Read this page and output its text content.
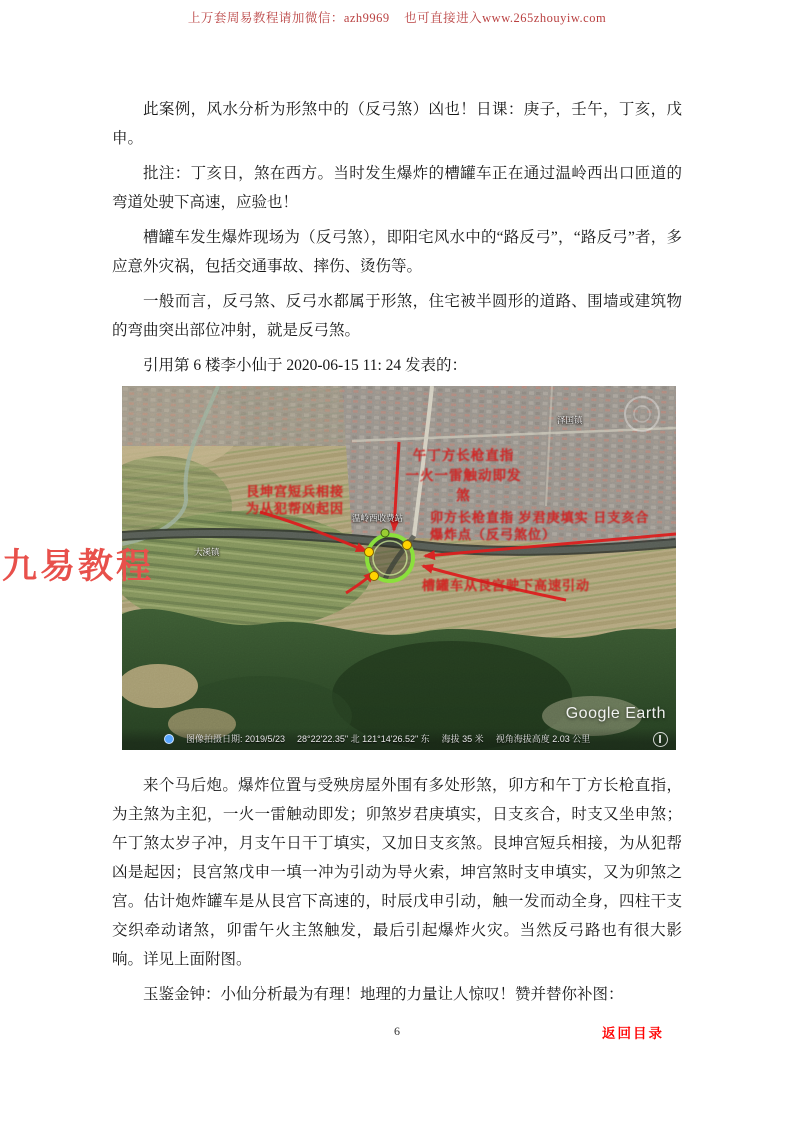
上万套周易教程请加微信：azh9969    也可直接进入www.265zhouyiw.com

此案例，风水分析为形煞中的（反弓煞）凶也！日课：庚子，壬午，丁亥，戊申。

批注：丁亥日，煞在西方。当时发生爆炸的槽罐车正在通过温岭西出口匝道的弯道处驶下高速，应验也！

槽罐车发生爆炸现场为（反弓煞），即阳宅风水中的“路反弓”，“路反弓”者，多应意外灾祸，包括交通事故、摔伤、烫伤等。

一般而言，反弓煞、反弓水都属于形煞，住宅被半圆形的道路、围墙或建筑物的弯曲突出部位冲射，就是反弓煞。

引用第 6 楼李小仙于 2020-06-15 11: 24 发表的：

午丁方长枪直指
一火一雷触动即发
煞
艮坤宫短兵相接
为从犯帮凶起因
卯方长枪直指 岁君庚填实 日支亥合
爆炸点（反弓煞位）
槽罐车从艮宫驶下高速引动
泽国镇
大溪镇
温岭西收费站
Google Earth
图像拍摄日期: 2019/5/23 28°22'22.35" 北 121°14'26.52" 东 海拔 35 米 视角海拔高度 2.03 公里

来个马后炮。爆炸位置与受殃房屋外围有多处形煞，卯方和午丁方长枪直指，为主煞为主犯，一火一雷触动即发；卯煞岁君庚填实，日支亥合，时支又坐申煞；午丁煞太岁子冲，月支午日干丁填实，又加日支亥煞。艮坤宫短兵相接，为从犯帮凶是起因；艮宫煞戊申一填一冲为引动为导火索，坤宫煞时支申填实，又为卯煞之宫。估计炮炸罐车是从艮宫下高速的，时辰戊申引动，触一发而动全身，四柱干支交织牵动诸煞，卯雷午火主煞触发，最后引起爆炸火灾。当然反弓路也有很大影响。详见上面附图。

玉鉴金钟：小仙分析最为有理！地理的力量让人惊叹！赞并替你补图：

九易教程
6	返回目录
